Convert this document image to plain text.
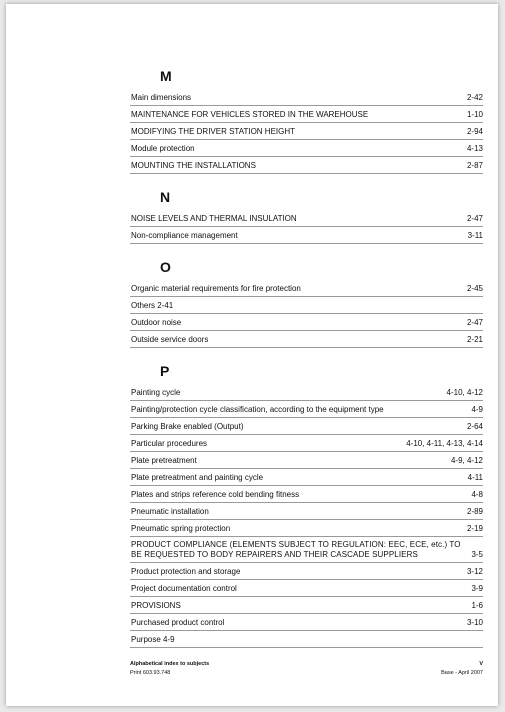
M
Main dimensions	2-42
MAINTENANCE FOR VEHICLES STORED IN THE WAREHOUSE	1-10
MODIFYING THE DRIVER STATION HEIGHT	2-94
Module protection	4-13
MOUNTING THE INSTALLATIONS	2-87
N
NOISE LEVELS AND THERMAL INSULATION	2-47
Non-compliance management	3-11
O
Organic material requirements for fire protection	2-45
Others 2-41
Outdoor noise	2-47
Outside service doors	2-21
P
Painting cycle	4-10, 4-12
Painting/protection cycle classification, according to the equipment type	4-9
Parking Brake enabled (Output)	2-64
Particular procedures	4-10, 4-11, 4-13, 4-14
Plate pretreatment	4-9, 4-12
Plate pretreatment and painting cycle	4-11
Plates and strips reference cold bending fitness	4-8
Pneumatic installation	2-89
Pneumatic spring protection	2-19
PRODUCT COMPLIANCE (ELEMENTS SUBJECT TO REGULATION: EEC, ECE, etc.) TO BE REQUESTED TO BODY REPAIRERS AND THEIR CASCADE SUPPLIERS	3-5
Product protection and storage	3-12
Project documentation control	3-9
PROVISIONS	1-6
Purchased product control	3-10
Purpose 4-9
Alphabetical index to subjects	V
Print 603.93.748	Base - April 2007
